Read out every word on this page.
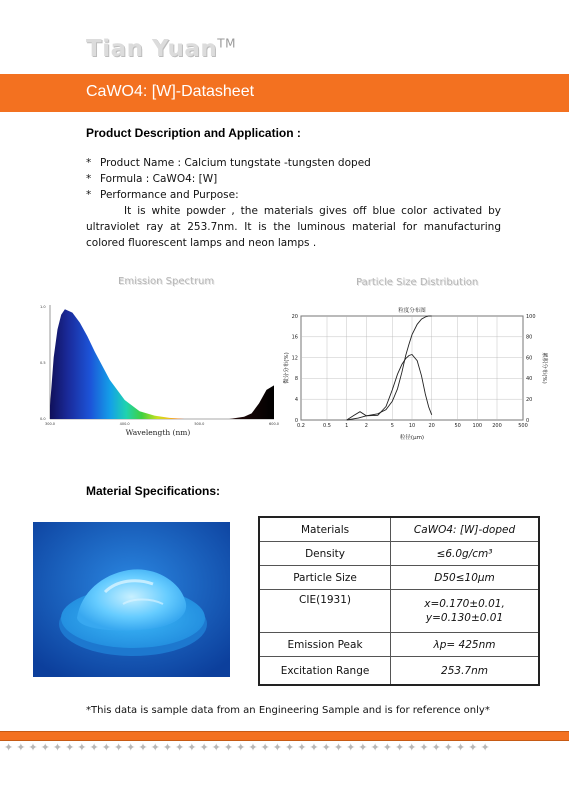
Tian Yuan™
CaWO4: [W]-Datasheet
Product Description and Application :
* Product Name : Calcium tungstate -tungsten doped
* Formula : CaWO4: [W]
* Performance and Purpose:
It is white powder , the materials gives off blue color activated by ultraviolet ray at 253.7nm. It is the luminous material for manufacturing colored fluorescent lamps and neon lamps .
Emission Spectrum	Particle Size Distribution
1.0
0.5
0.0
300.0	400.0	500.0	600.0
Wavelength (nm)
0
4
8
12
16
20
0
20
40
60
80
100
0.2	0.5	1	2	5	10	20	50 100 200	500
粒度分布图
粒径(μm)
微分分布(%)	累积分布(%)
Material Specifications:
Materials	CaWO4: [W]-doped
Density	≤6.0g/cm³
Particle Size	D50≤10μm
CIE(1931)	x=0.170±0.01,
y=0.130±0.01

Emission Peak	λp= 425nm
Excitation Range	253.7nm
*This data is sample data from an Engineering Sample and is for reference only*
✦✦✦✦✦✦✦✦✦✦✦✦✦✦✦✦✦✦✦✦✦✦✦✦✦✦✦✦✦✦✦✦✦✦✦✦✦✦✦✦
